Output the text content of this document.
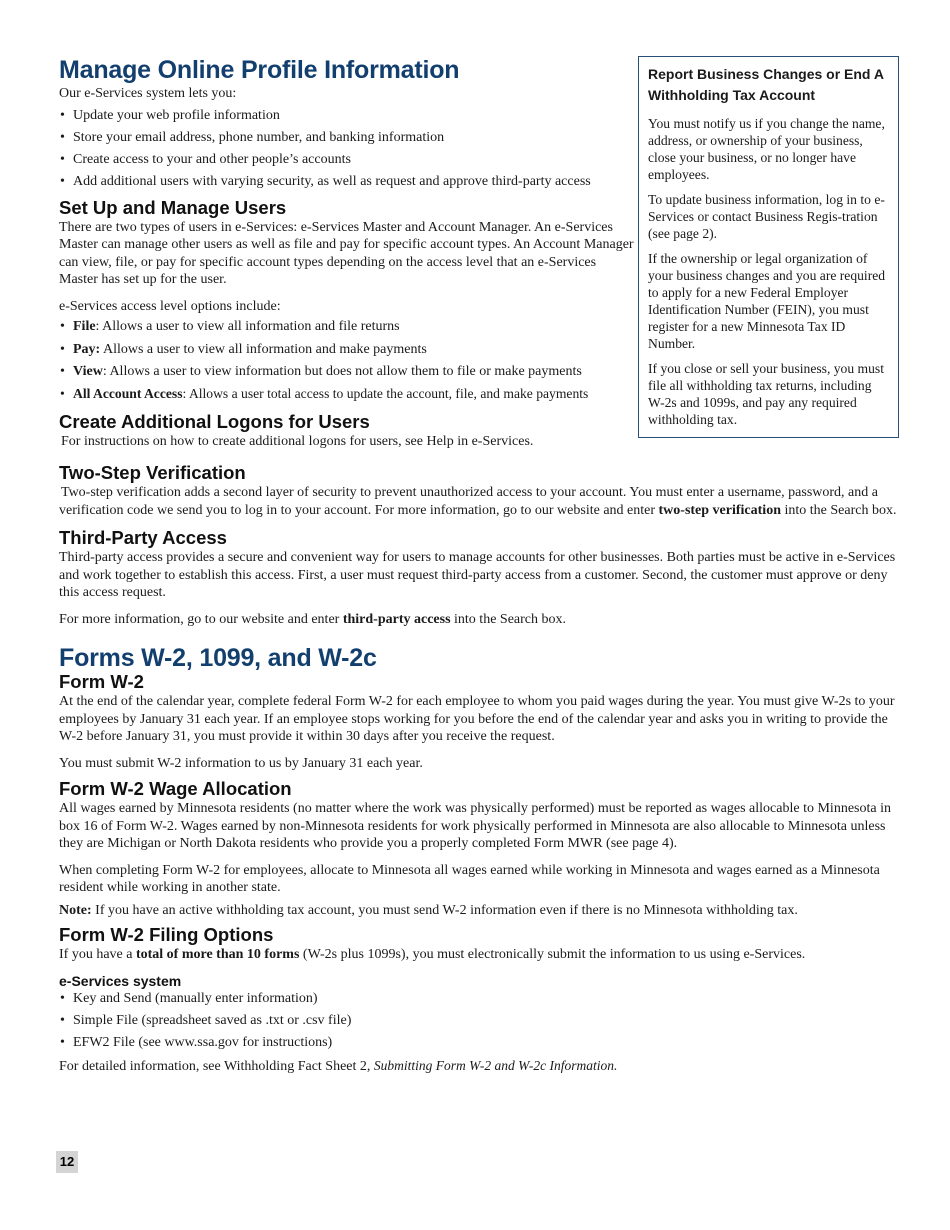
Manage Online Profile Information

Our e-Services system lets you:

• Update your web profile information
• Store your email address, phone number, and banking information
• Create access to your and other people’s accounts
• Add additional users with varying security, as well as request and approve third-party access
Set Up and Manage Users

There are two types of users in e-Services: e-Services Master and Account Manager. An e-Services Master can manage other users as well as file and pay for specific account types. An Account Manager can view, file, or pay for specific account types depending on the access level that an e-Services Master has set up for the user.

e-Services access level options include:

• File: Allows a user to view all information and file returns
• Pay: Allows a user to view all information and make payments
• View: Allows a user to view information but does not allow them to file or make payments
• All Account Access: Allows a user total access to update the account, file, and make payments
Create Additional Logons for Users

For instructions on how to create additional logons for users, see Help in e-Services.

Two-Step Verification

Two-step verification adds a second layer of security to prevent unauthorized access to your account. You must enter a username, password, and a verification code we send you to log in to your account. For more information, go to our website and enter two-step verification into the Search box.

Third-Party Access

Third-party access provides a secure and convenient way for users to manage accounts for other businesses. Both parties must be active in e-Services and work together to establish this access. First, a user must request third-party access from a customer. Second, the customer must approve or deny this access request.

For more information, go to our website and enter third-party access into the Search box.

Forms W-2, 1099, and W-2c
Form W-2

At the end of the calendar year, complete federal Form W-2 for each employee to whom you paid wages during the year. You must give W-2s to your employees by January 31 each year. If an employee stops working for you before the end of the calendar year and asks you in writing to provide the W-2 before January 31, you must provide it within 30 days after you receive the request.

You must submit W-2 information to us by January 31 each year.

Form W-2 Wage Allocation

All wages earned by Minnesota residents (no matter where the work was physically performed) must be reported as wages allocable to Minnesota in box 16 of Form W-2. Wages earned by non-Minnesota residents for work physically performed in Minnesota are also allocable to Minnesota unless they are Michigan or North Dakota residents who provide you a properly completed Form MWR (see page 4).

When completing Form W-2 for employees, allocate to Minnesota all wages earned while working in Minnesota and wages earned as a Minnesota resident while working in another state.

Note: If you have an active withholding tax account, you must send W-2 information even if there is no Minnesota withholding tax.

Form W-2 Filing Options

If you have a total of more than 10 forms (W-2s plus 1099s), you must electronically submit the information to us using e-Services.

e-Services system
• Key and Send (manually enter information)
• Simple File (spreadsheet saved as .txt or .csv file)
• EFW2 File (see www.ssa.gov for instructions)

For detailed information, see Withholding Fact Sheet 2, Submitting Form W-2 and W-2c Information.

Report Business Changes or End A Withholding Tax Account

You must notify us if you change the name, address, or ownership of your business, close your business, or no longer have employees.

To update business information, log in to e-Services or contact Business Regis-tration (see page 2).

If the ownership or legal organization of your business changes and you are required to apply for a new Federal Employer Identification Number (FEIN), you must register for a new Minnesota Tax ID Number.

If you close or sell your business, you must file all withholding tax returns, including W-2s and 1099s, and pay any required withholding tax.

12
